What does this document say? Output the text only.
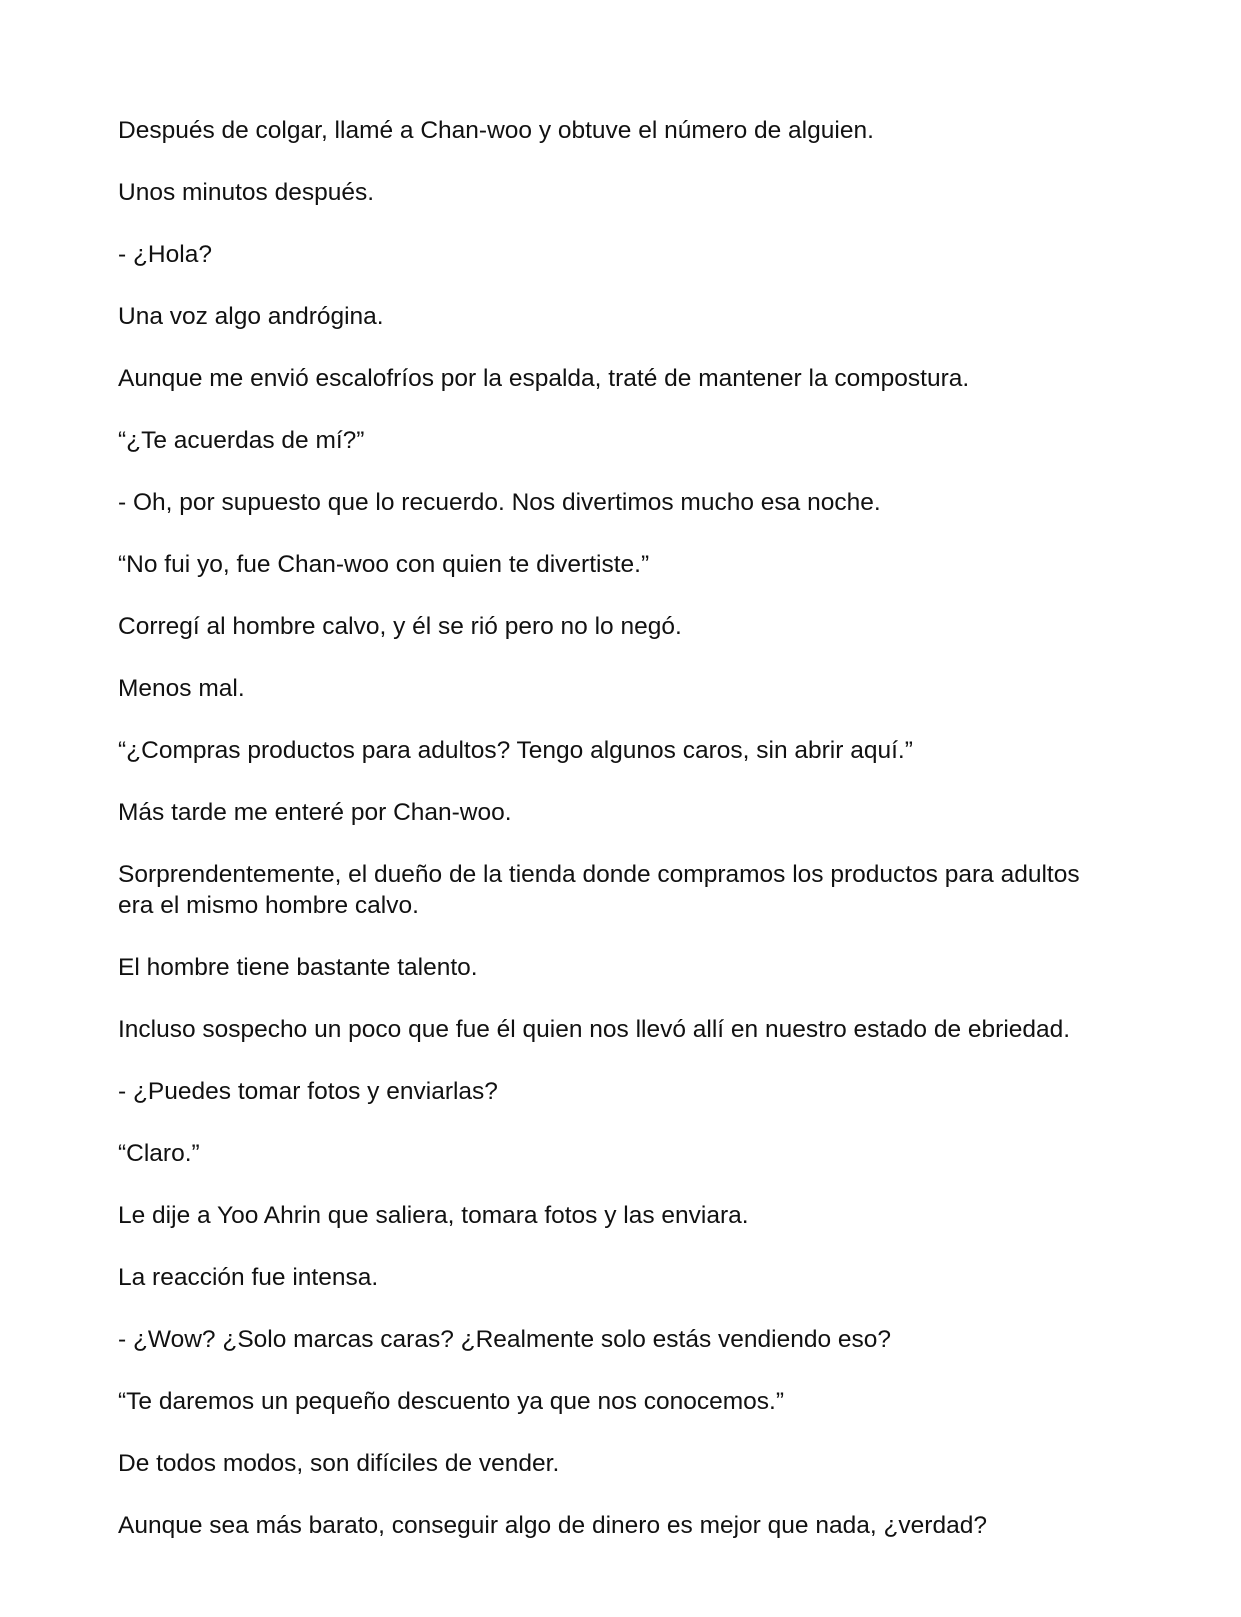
Después de colgar, llamé a Chan-woo y obtuve el número de alguien.

Unos minutos después.

- ¿Hola?

Una voz algo andrógina.

Aunque me envió escalofríos por la espalda, traté de mantener la compostura.

“¿Te acuerdas de mí?”

- Oh, por supuesto que lo recuerdo. Nos divertimos mucho esa noche.

“No fui yo, fue Chan-woo con quien te divertiste.”

Corregí al hombre calvo, y él se rió pero no lo negó.

Menos mal.

“¿Compras productos para adultos? Tengo algunos caros, sin abrir aquí.”

Más tarde me enteré por Chan-woo.

Sorprendentemente, el dueño de la tienda donde compramos los productos para adultos era el mismo hombre calvo.

El hombre tiene bastante talento.

Incluso sospecho un poco que fue él quien nos llevó allí en nuestro estado de ebriedad.

- ¿Puedes tomar fotos y enviarlas?

“Claro.”

Le dije a Yoo Ahrin que saliera, tomara fotos y las enviara.

La reacción fue intensa.

- ¿Wow? ¿Solo marcas caras? ¿Realmente solo estás vendiendo eso?

“Te daremos un pequeño descuento ya que nos conocemos.”

De todos modos, son difíciles de vender.

Aunque sea más barato, conseguir algo de dinero es mejor que nada, ¿verdad?
